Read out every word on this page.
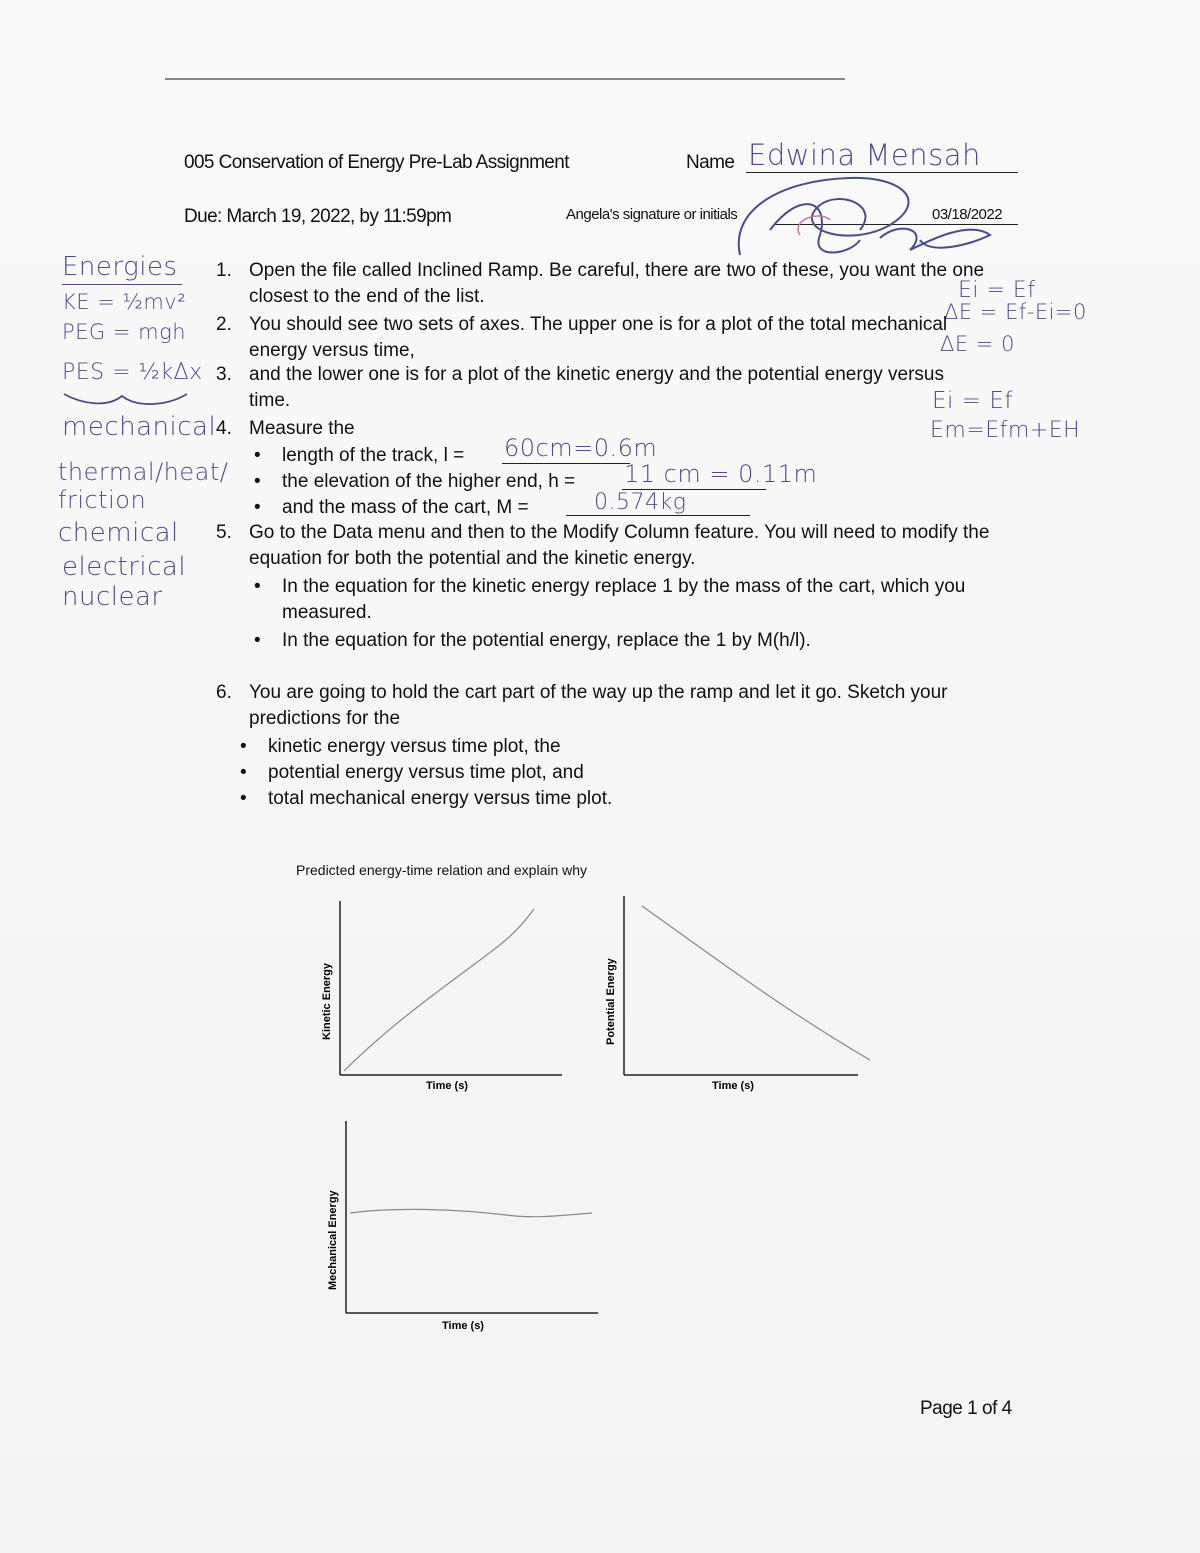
005 Conservation of Energy Pre-Lab Assignment	Name Edwina Mensah
Due: March 19, 2022, by 11:59pm	Angela's signature or initials	03/18/2022
Energies
KE = ½mv²
PEG = mgh
PES = ½kΔx
mechanical
thermal/heat/
friction
chemical
electrical
nuclear
Ei = Ef
ΔE = Ef-Ei=0
ΔE = 0
Ei = Ef
Em=Efm+EH
1. Open the file called Inclined Ramp. Be careful, there are two of these, you want the one closest to the end of the list.
2. You should see two sets of axes. The upper one is for a plot of the total mechanical energy versus time,
3. and the lower one is for a plot of the kinetic energy and the potential energy versus time.
4. Measure the
• length of the track, l = 60cm=0.6m
• the elevation of the higher end, h = 11 cm = 0.11m
• and the mass of the cart, M =	0.574kg
5. Go to the Data menu and then to the Modify Column feature. You will need to modify the equation for both the potential and the kinetic energy.
• In the equation for the kinetic energy replace 1 by the mass of the cart, which you measured.
• In the equation for the potential energy, replace the 1 by M(h/l).
6. You are going to hold the cart part of the way up the ramp and let it go. Sketch your predictions for the
• kinetic energy versus time plot, the
• potential energy versus time plot, and
• total mechanical energy versus time plot.
Predicted energy-time relation and explain why
Kinetic Energy
Time (s)
Potential Energy
Time (s)
Mechanical Energy
Time (s)
Page 1 of 4
